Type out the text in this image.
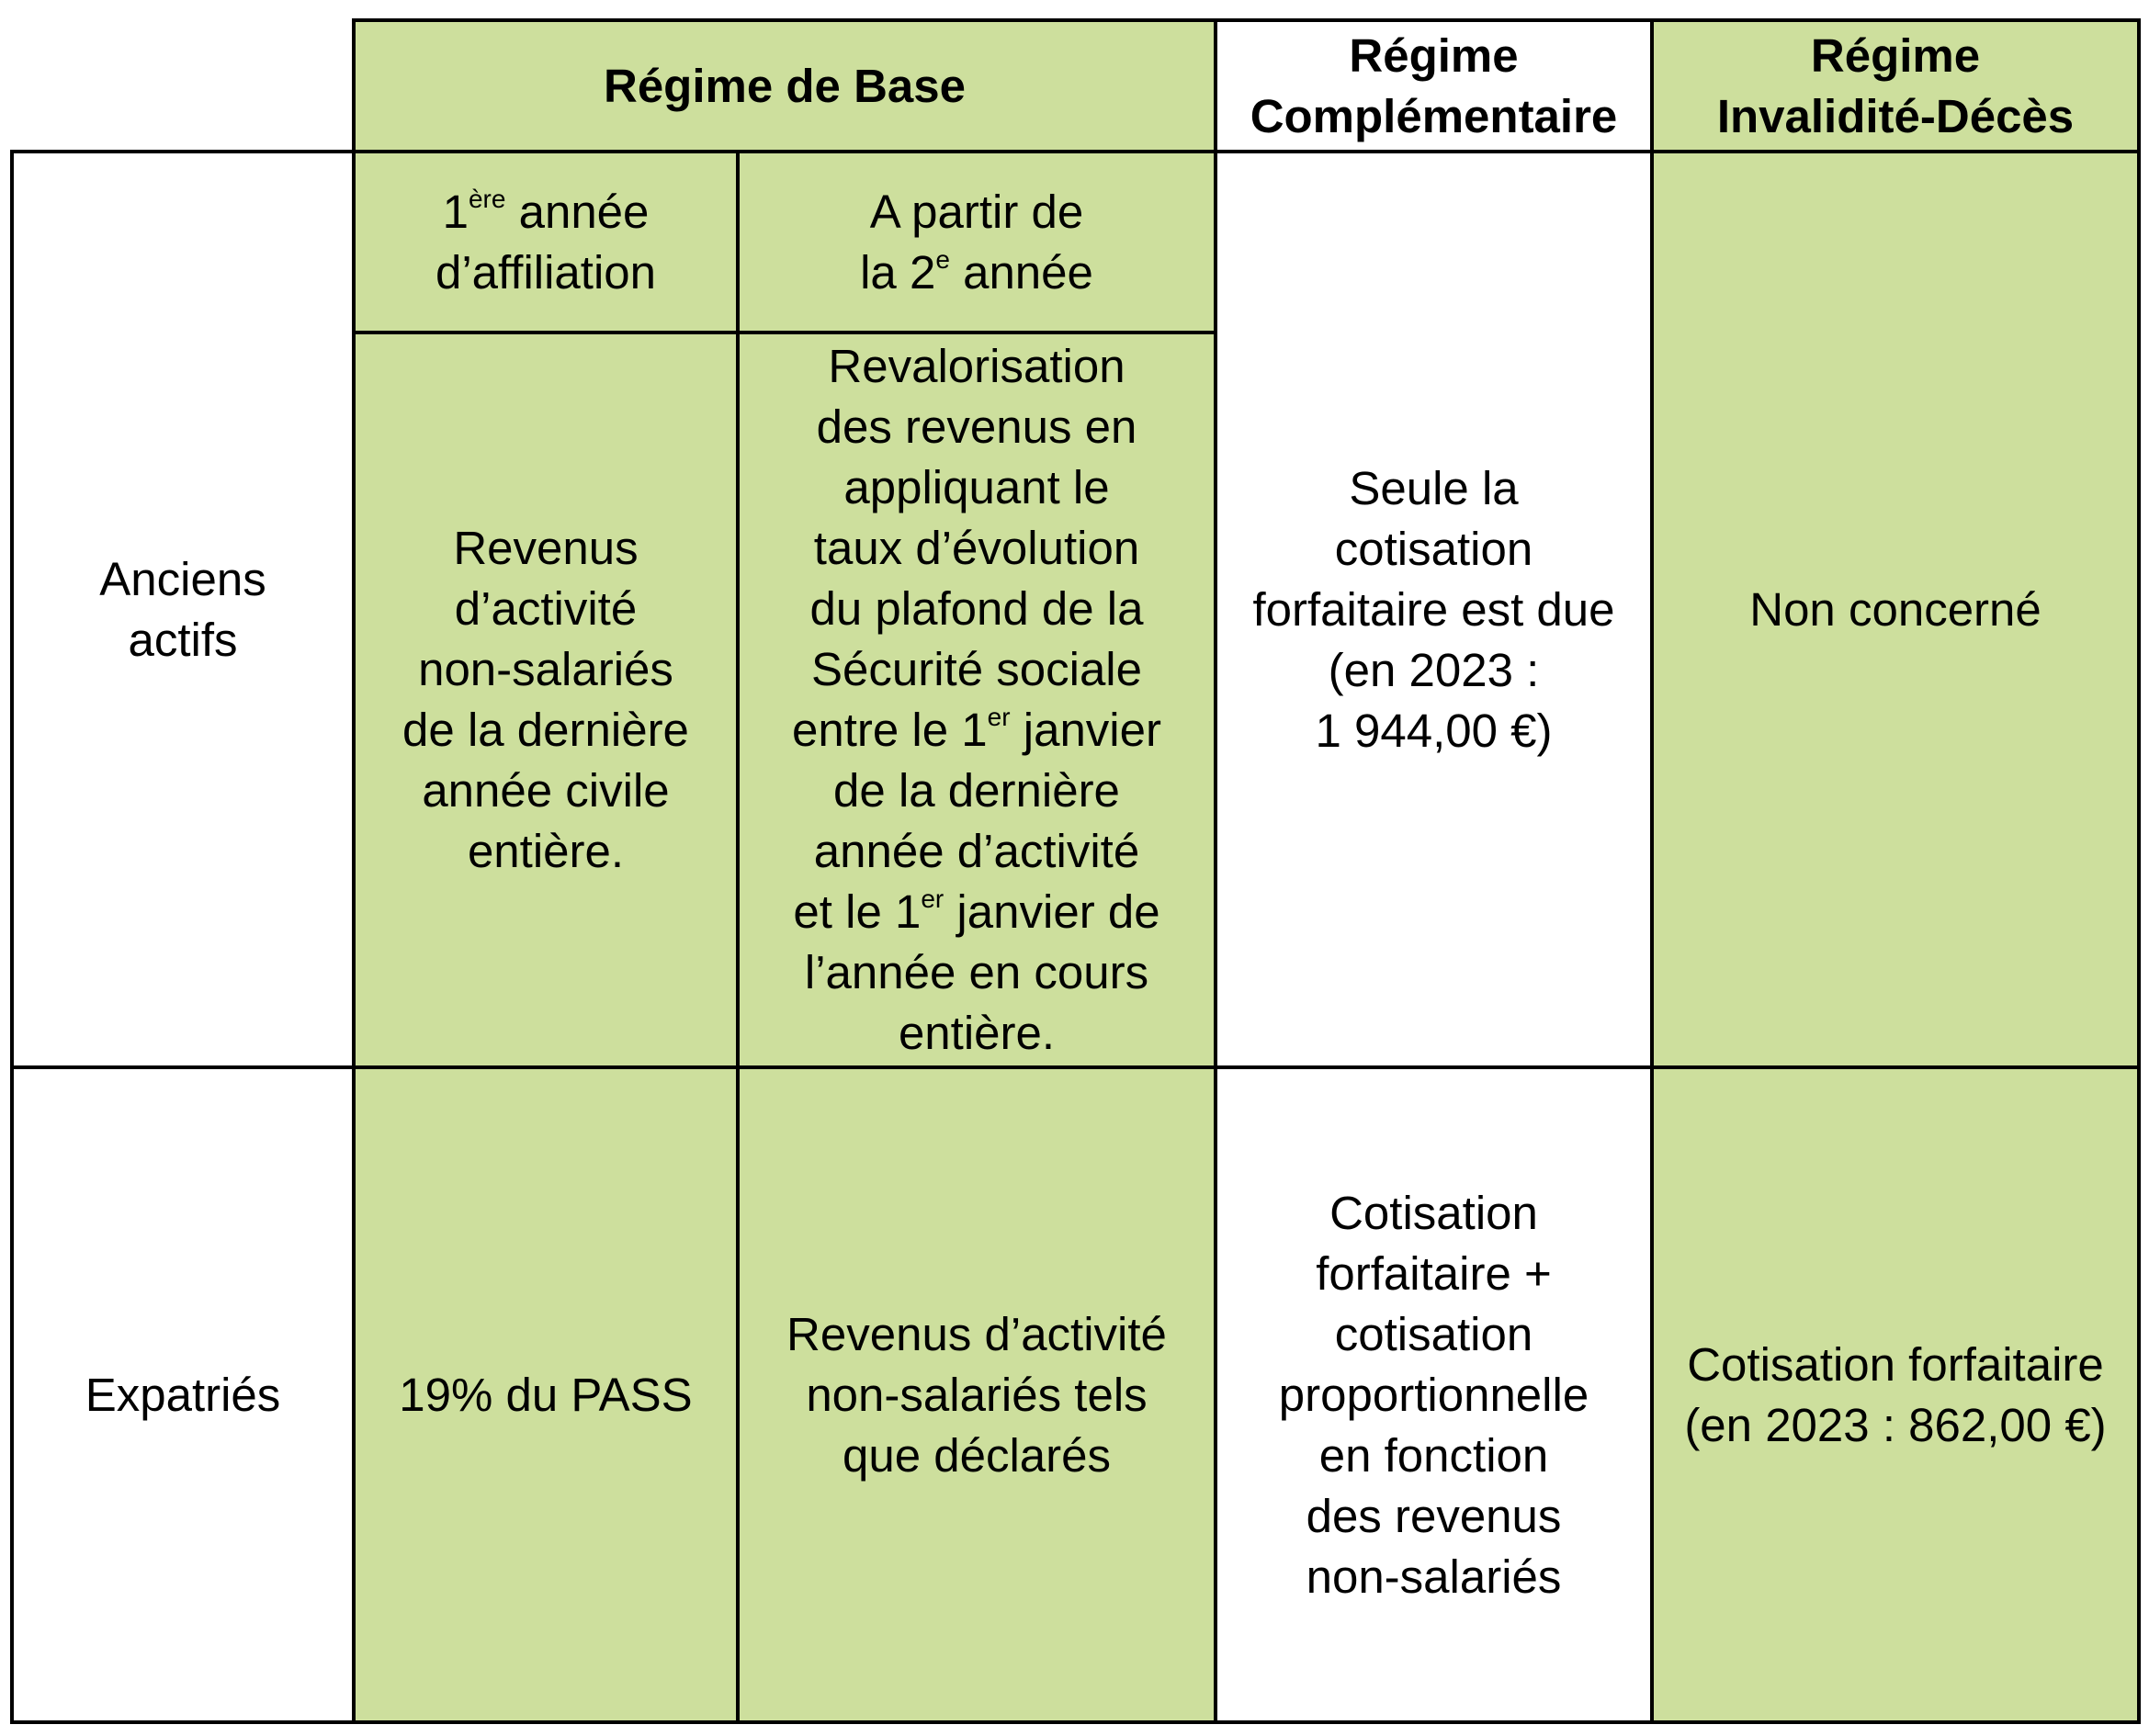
Régime de Base
Régime
Complémentaire
Régime
Invalidité-Décès
1ère année
d’affiliation
A partir de
la 2e année
Anciens
actifs
Revenus
d’activité
non-salariés
de la dernière
année civile
entière.
Revalorisation
des revenus en
appliquant le
taux d’évolution
du plafond de la
Sécurité sociale
entre le 1er janvier
de la dernière
année d’activité
et le 1er janvier de
l’année en cours
entière.
Seule la
cotisation
forfaitaire est due
(en 2023 :
1 944,00 €)
Non concerné
Expatriés	19% du PASS
Revenus d’activité
non-salariés tels
que déclarés
Cotisation
forfaitaire +
cotisation
proportionnelle
en fonction
des revenus
non-salariés
Cotisation forfaitaire
(en 2023 : 862,00 €)
